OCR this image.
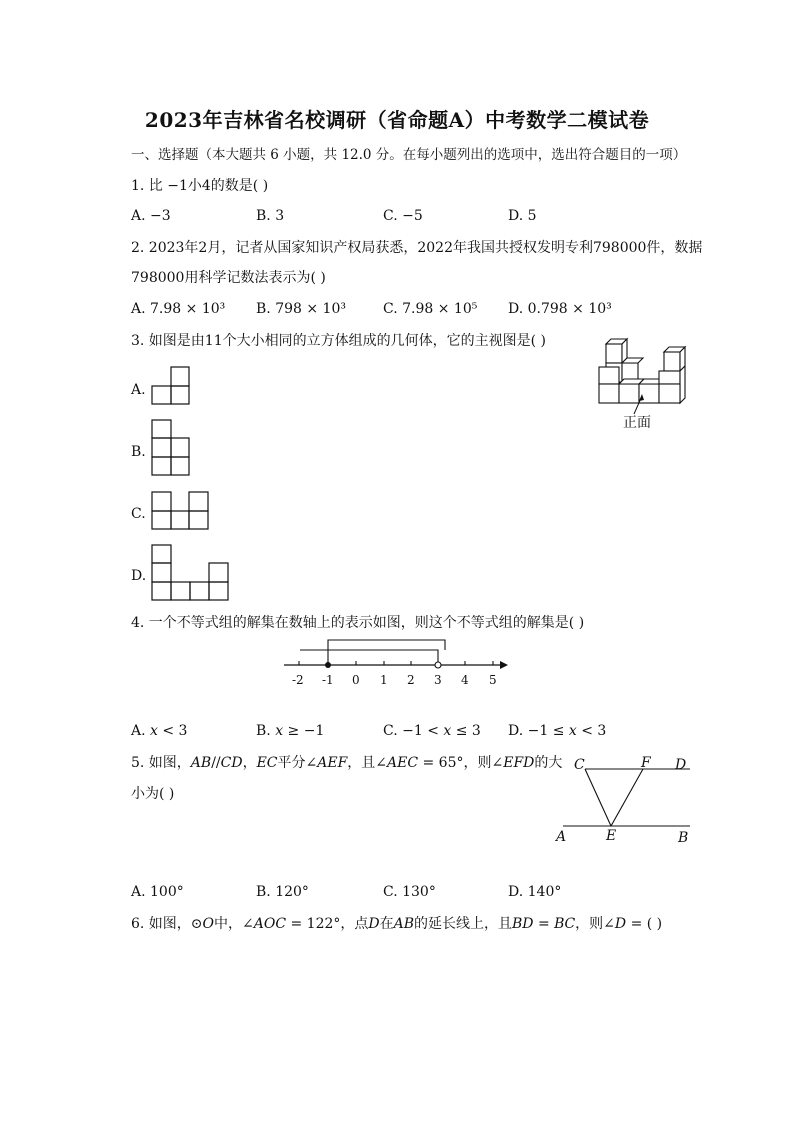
2023年吉林省名校调研（省命题A）中考数学二模试卷
一、选择题（本大题共 6 小题，共 12.0 分。在每小题列出的选项中，选出符合题目的一项）
1. 比 −1小4的数是( )
A. −3	B. 3	C. −5	D. 5
2. 2023年2月，记者从国家知识产权局获悉，2022年我国共授权发明专利798000件，数据
798000用科学记数法表示为( )
A. 7.98 × 10³ B. 798 × 10³	C. 7.98 × 10⁵ D. 0.798 × 10³
3. 如图是由11个大小相同的立方体组成的几何体，它的主视图是( )
A.
B.
C.
D.
正面
4. 一个不等式组的解集在数轴上的表示如图，则这个不等式组的解集是( )
-2 -1 0 1 2 3 4 5
A. 𝑥 < 3	B. 𝑥 ≥ −1	C. −1 < 𝑥 ≤ 3 D. −1 ≤ 𝑥 < 3
5. 如图，𝐴𝐵//𝐶𝐷，𝐸𝐶平分∠𝐴𝐸𝐹，且∠𝐴𝐸𝐶 = 65°，则∠𝐸𝐹𝐷的大
小为( )
C	F D
A	E	B
A. 100°	B. 120°	C. 130°	D. 140°
6. 如图，⊙𝑂中，∠𝐴𝑂𝐶 = 122°，点𝐷在𝐴𝐵的延长线上，且𝐵𝐷 = 𝐵𝐶，则∠𝐷 = ( )
